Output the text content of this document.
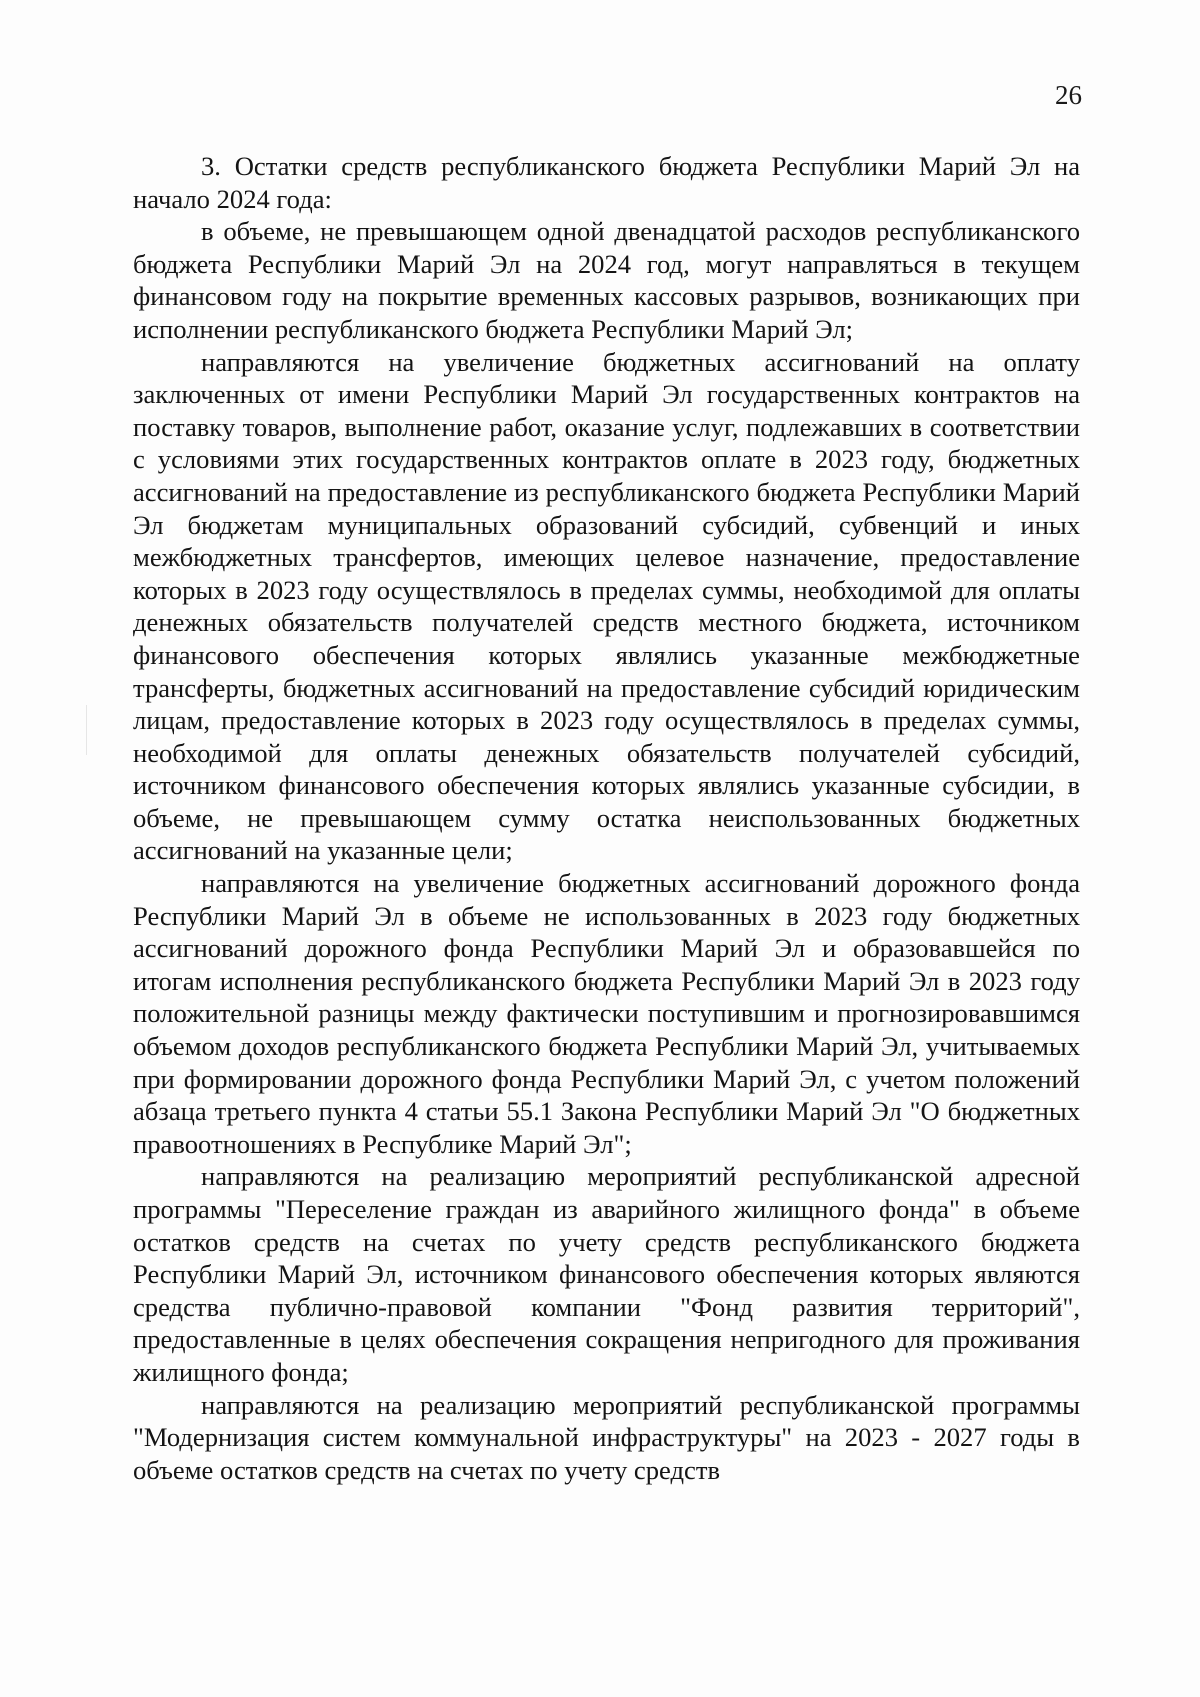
26

3. Остатки средств республиканского бюджета Республики Марий Эл на начало 2024 года:

в объеме, не превышающем одной двенадцатой расходов республиканского бюджета Республики Марий Эл на 2024 год, могут направляться в текущем финансовом году на покрытие временных кассовых разрывов, возникающих при исполнении республиканского бюджета Республики Марий Эл;

направляются на увеличение бюджетных ассигнований на оплату заключенных от имени Республики Марий Эл государственных контрактов на поставку товаров, выполнение работ, оказание услуг, подлежавших в соответствии с условиями этих государственных контрактов оплате в 2023 году, бюджетных ассигнований на предоставление из республиканского бюджета Республики Марий Эл бюджетам муниципальных образований субсидий, субвенций и иных межбюджетных трансфертов, имеющих целевое назначение, предоставление которых в 2023 году осуществлялось в пределах суммы, необходимой для оплаты денежных обязательств получателей средств местного бюджета, источником финансового обеспечения которых являлись указанные межбюджетные трансферты, бюджетных ассигнований на предоставление субсидий юридическим лицам, предоставление которых в 2023 году осуществлялось в пределах суммы, необходимой для оплаты денежных обязательств получателей субсидий, источником финансового обеспечения которых являлись указанные субсидии, в объеме, не превышающем сумму остатка неиспользованных бюджетных ассигнований на указанные цели;

направляются на увеличение бюджетных ассигнований дорожного фонда Республики Марий Эл в объеме не использованных в 2023 году бюджетных ассигнований дорожного фонда Республики Марий Эл и образовавшейся по итогам исполнения республиканского бюджета Республики Марий Эл в 2023 году положительной разницы между фактически поступившим и прогнозировавшимся объемом доходов республиканского бюджета Республики Марий Эл, учитываемых при формировании дорожного фонда Республики Марий Эл, с учетом положений абзаца третьего пункта 4 статьи 55.1 Закона Республики Марий Эл "О бюджетных правоотношениях в Республике Марий Эл";

направляются на реализацию мероприятий республиканской адресной программы "Переселение граждан из аварийного жилищного фонда" в объеме остатков средств на счетах по учету средств республиканского бюджета Республики Марий Эл, источником финансового обеспечения которых являются средства публично-правовой компании "Фонд развития территорий", предоставленные в целях обеспечения сокращения непригодного для проживания жилищного фонда;

направляются на реализацию мероприятий республиканской программы "Модернизация систем коммунальной инфраструктуры" на 2023 - 2027 годы в объеме остатков средств на счетах по учету средств
